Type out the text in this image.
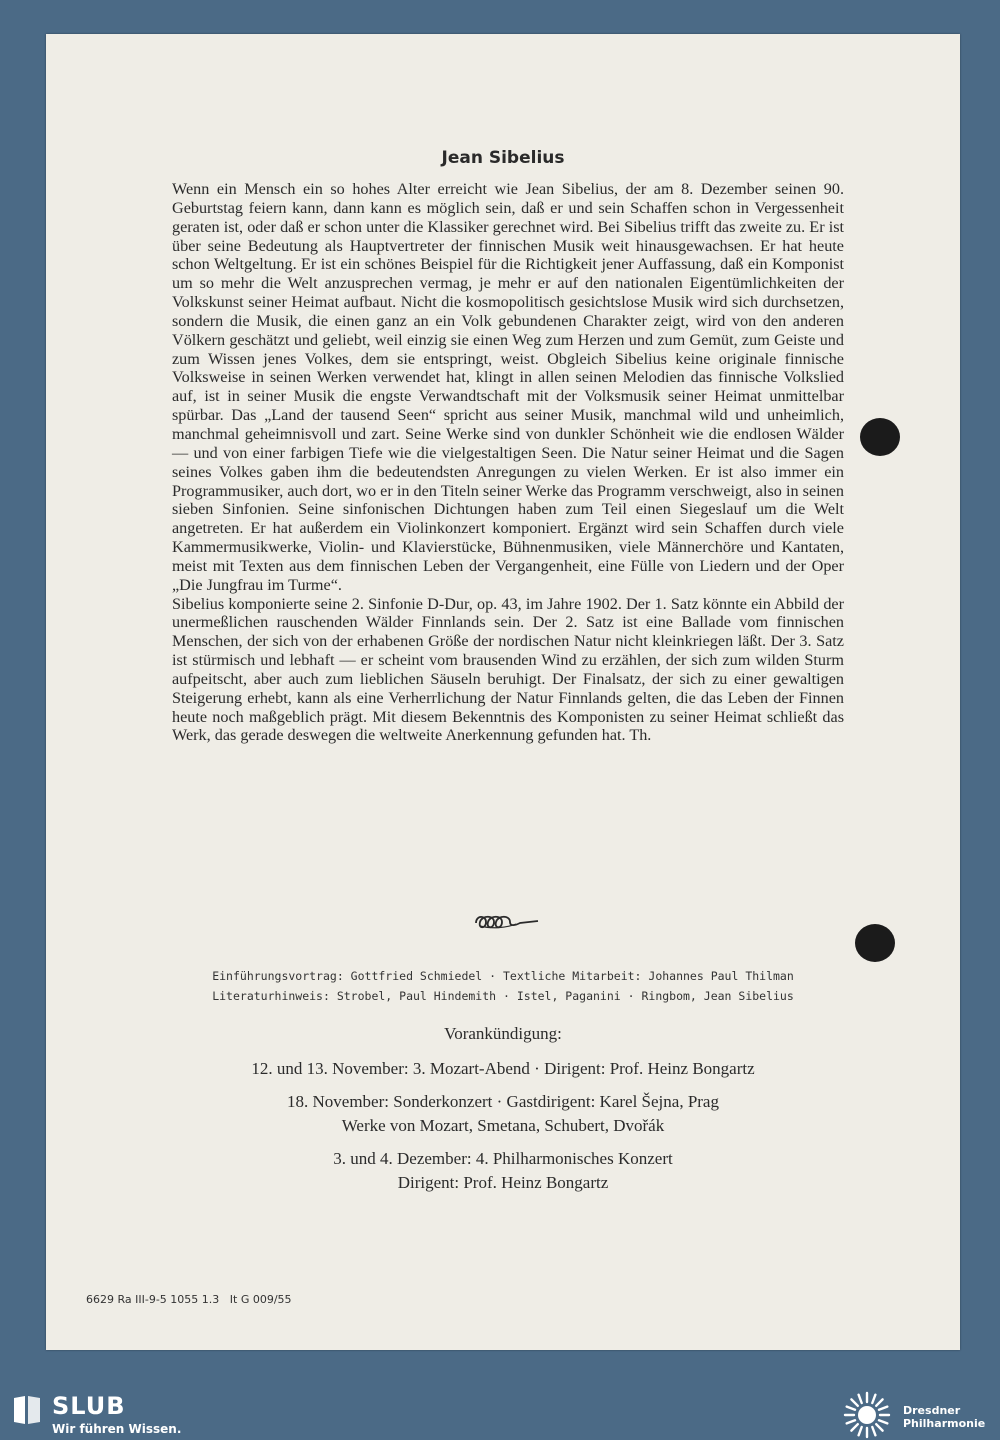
Jean Sibelius

Wenn ein Mensch ein so hohes Alter erreicht wie Jean Sibelius, der am 8. Dezember seinen 90. Geburtstag feiern kann, dann kann es möglich sein, daß er und sein Schaffen schon in Vergessenheit geraten ist, oder daß er schon unter die Klassiker gerechnet wird. Bei Sibelius trifft das zweite zu. Er ist über seine Bedeutung als Hauptvertreter der finnischen Musik weit hinausgewachsen. Er hat heute schon Weltgeltung. Er ist ein schönes Beispiel für die Richtigkeit jener Auffassung, daß ein Komponist um so mehr die Welt anzusprechen vermag, je mehr er auf den nationalen Eigentümlichkeiten der Volkskunst seiner Heimat aufbaut. Nicht die kosmopolitisch gesichtslose Musik wird sich durchsetzen, sondern die Musik, die einen ganz an ein Volk gebundenen Charakter zeigt, wird von den anderen Völkern geschätzt und geliebt, weil einzig sie einen Weg zum Herzen und zum Gemüt, zum Geiste und zum Wissen jenes Volkes, dem sie entspringt, weist. Obgleich Sibelius keine originale finnische Volksweise in seinen Werken verwendet hat, klingt in allen seinen Melodien das finnische Volkslied auf, ist in seiner Musik die engste Verwandtschaft mit der Volksmusik seiner Heimat unmittelbar spürbar. Das „Land der tausend Seen“ spricht aus seiner Musik, manchmal wild und unheimlich, manchmal geheimnisvoll und zart. Seine Werke sind von dunkler Schönheit wie die endlosen Wälder — und von einer farbigen Tiefe wie die vielgestaltigen Seen. Die Natur seiner Heimat und die Sagen seines Volkes gaben ihm die bedeutendsten Anregungen zu vielen Werken. Er ist also immer ein Programmusiker, auch dort, wo er in den Titeln seiner Werke das Programm verschweigt, also in seinen sieben Sinfonien. Seine sinfonischen Dichtungen haben zum Teil einen Siegeslauf um die Welt angetreten. Er hat außerdem ein Violinkonzert komponiert. Ergänzt wird sein Schaffen durch viele Kammermusikwerke, Violin- und Klavierstücke, Bühnenmusiken, viele Männerchöre und Kantaten, meist mit Texten aus dem finnischen Leben der Vergangenheit, eine Fülle von Liedern und der Oper „Die Jungfrau im Turme“.

Sibelius komponierte seine 2. Sinfonie D-Dur, op. 43, im Jahre 1902. Der 1. Satz könnte ein Abbild der unermeßlichen rauschenden Wälder Finnlands sein. Der 2. Satz ist eine Ballade vom finnischen Menschen, der sich von der erhabenen Größe der nordischen Natur nicht kleinkriegen läßt. Der 3. Satz ist stürmisch und lebhaft — er scheint vom brausenden Wind zu erzählen, der sich zum wilden Sturm aufpeitscht, aber auch zum lieblichen Säuseln beruhigt. Der Finalsatz, der sich zu einer gewaltigen Steigerung erhebt, kann als eine Verherrlichung der Natur Finnlands gelten, die das Leben der Finnen heute noch maßgeblich prägt. Mit diesem Bekenntnis des Komponisten zu seiner Heimat schließt das Werk, das gerade deswegen die weltweite Anerkennung gefunden hat. Th.

Einführungsvortrag: Gottfried Schmiedel · Textliche Mitarbeit: Johannes Paul Thilman
Literaturhinweis: Strobel, Paul Hindemith · Istel, Paganini · Ringbom, Jean Sibelius
Vorankündigung:
12. und 13. November: 3. Mozart-Abend · Dirigent: Prof. Heinz Bongartz
18. November: Sonderkonzert · Gastdirigent: Karel Šejna, Prag
Werke von Mozart, Smetana, Schubert, Dvořák
3. und 4. Dezember: 4. Philharmonisches Konzert
Dirigent: Prof. Heinz Bongartz
6629 Ra III-9-5 1055 1.3   It G 009/55
SLUB
Wir führen Wissen.
Dresdner
Philharmonie
